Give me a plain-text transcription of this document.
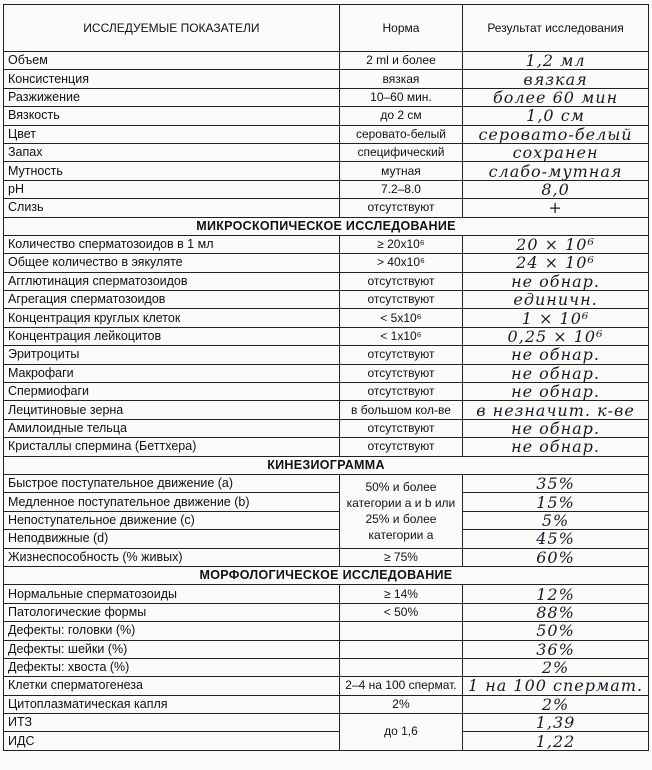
ИССЛЕДУЕМЫЕ ПОКАЗАТЕЛИ	Норма	Результат исследования
Объем	2 ml и более	1,2 мл
Консистенция	вязкая	вязкая
Разжижение	10–60 мин.	более 60 мин
Вязкость	до 2 см	1,0 см
Цвет	серовато-белый	серовато-белый
Запах	специфический	сохранен
Мутность	мутная	слабо-мутная
pH	7.2–8.0	8,0
Слизь	отсутствуют	+
МИКРОСКОПИЧЕСКОЕ ИССЛЕДОВАНИЕ		
Количество сперматозоидов в 1 мл	≥ 20x10⁶	20 × 10⁶
Общее количество в эякуляте	> 40x10⁶	24 × 10⁶
Агглютинация сперматозоидов	отсутствуют	не обнар.
Агрегация сперматозоидов	отсутствуют	единичн.
Концентрация круглых клеток	< 5x10⁶	1 × 10⁶
Концентрация лейкоцитов	< 1x10⁶	0,25 × 10⁶
Эритроциты	отсутствуют	не обнар.
Макрофаги	отсутствуют	не обнар.
Спермиофаги	отсутствуют	не обнар.
Лецитиновые зерна	в большом кол-ве	в незначит. к-ве
Амилоидные тельца	отсутствуют	не обнар.
Кристаллы спермина (Беттхера)	отсутствуют	не обнар.
КИНЕЗИОГРАММА		
Быстрое поступательное движение (a)	50% и более категории a и b или 25% и более категории a	35%
Медленное поступательное движение (b)		15%
Непоступательное движение (c)		5%
Неподвижные (d)		45%
Жизнеспособность (% живых)	≥ 75%	60%
МОРФОЛОГИЧЕСКОЕ ИССЛЕДОВАНИЕ		
Нормальные сперматозоиды	≥ 14%	12%
Патологические формы	< 50%	88%
Дефекты: головки (%)		50%
Дефекты: шейки (%)		36%
Дефекты: хвоста (%)		2%
Клетки сперматогенеза	2–4 на 100 спермат.	1 на 100 спермат.
Цитоплазматическая капля	2%	2%
ИТЗ	до 1,6	1,39
ИДС		1,22
